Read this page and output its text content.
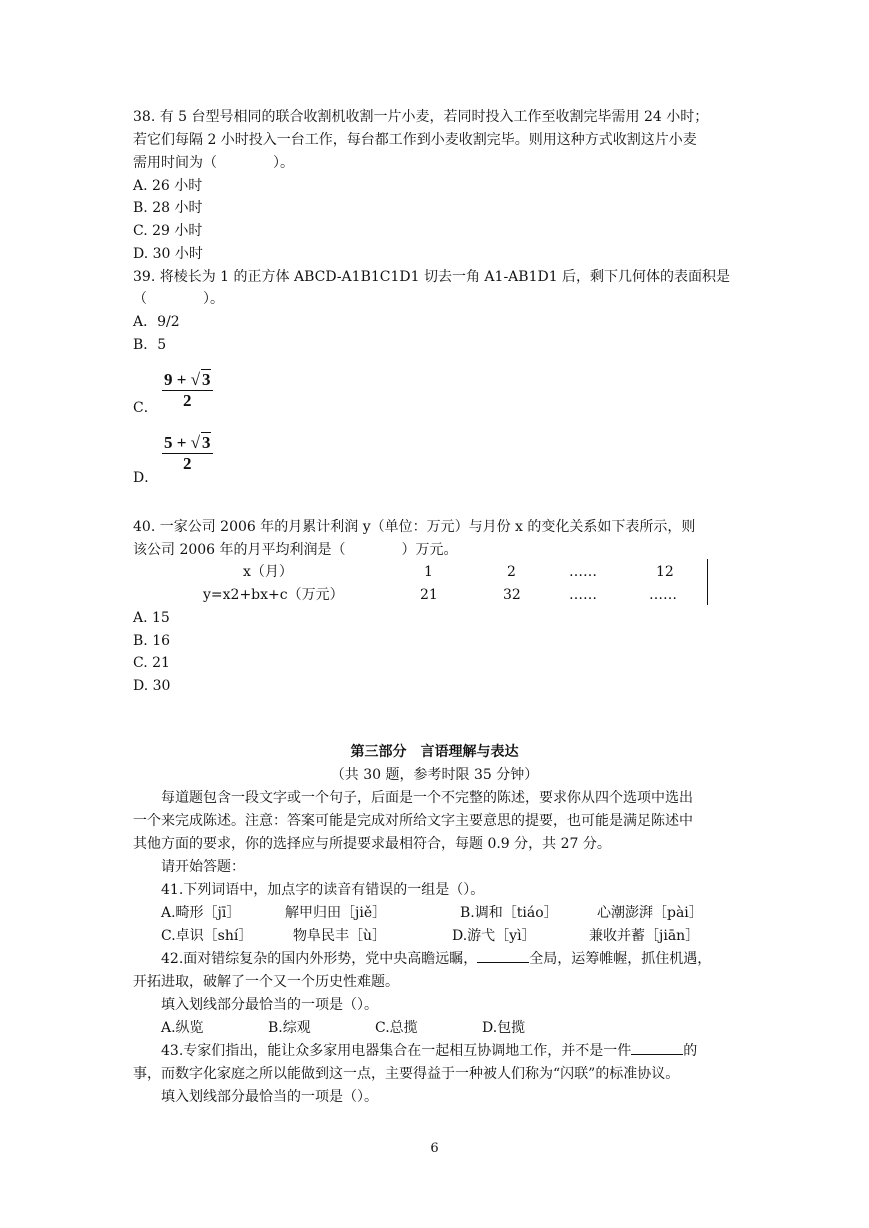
38. 有 5 台型号相同的联合收割机收割一片小麦，若同时投入工作至收割完毕需用 24 小时；
若它们每隔 2 小时投入一台工作，每台都工作到小麦收割完毕。则用这种方式收割这片小麦
需用时间为（　　　　）。
A. 26 小时
B. 28 小时
C. 29 小时
D. 30 小时
39. 将棱长为 1 的正方体 ABCD-A1B1C1D1 切去一角 A1-AB1D1 后，剩下几何体的表面积是
（　　　　）。
A．9/2
B．5
C． $\frac{9 + √ 3}{2}$
D．
$\frac{5 + √ 3}{2}$
40. 一家公司 2006 年的月累计利润 y（单位：万元）与月份 x 的变化关系如下表所示，则
该公司 2006 年的月平均利润是（　　　　）万元。
x（月）	1	2	……	12
y=x2+bx+c（万元）	21	32	……	……
A. 15
B. 16
C. 21
D. 30
第三部分　言语理解与表达
（共 30 题，参考时限 35 分钟）
每道题包含一段文字或一个句子，后面是一个不完整的陈述，要求你从四个选项中选出
一个来完成陈述。注意：答案可能是完成对所给文字主要意思的提要，也可能是满足陈述中
其他方面的要求，你的选择应与所提要求最相符合，每题 0.9 分，共 27 分。
请开始答题：
41.下列词语中，加点字的读音有错误的一组是（）。
A.畸形［jī］	解甲归田［jiě］	B.调和［tiáo］	心潮澎湃［pài］
C.卓识［shí］	物阜民丰［ù］	D.游弋［yì］	兼收并蓄［jiān］
42.面对错综复杂的国内外形势，党中央高瞻远瞩，	全局，运筹帷幄，抓住机遇，
开拓进取，破解了一个又一个历史性难题。
填入划线部分最恰当的一项是（）。
A.纵览	B.综观	C.总揽	D.包揽
43.专家们指出，能让众多家用电器集合在一起相互协调地工作，并不是一件	的
事，而数字化家庭之所以能做到这一点，主要得益于一种被人们称为“闪联”的标准协议。
填入划线部分最恰当的一项是（）。
6
